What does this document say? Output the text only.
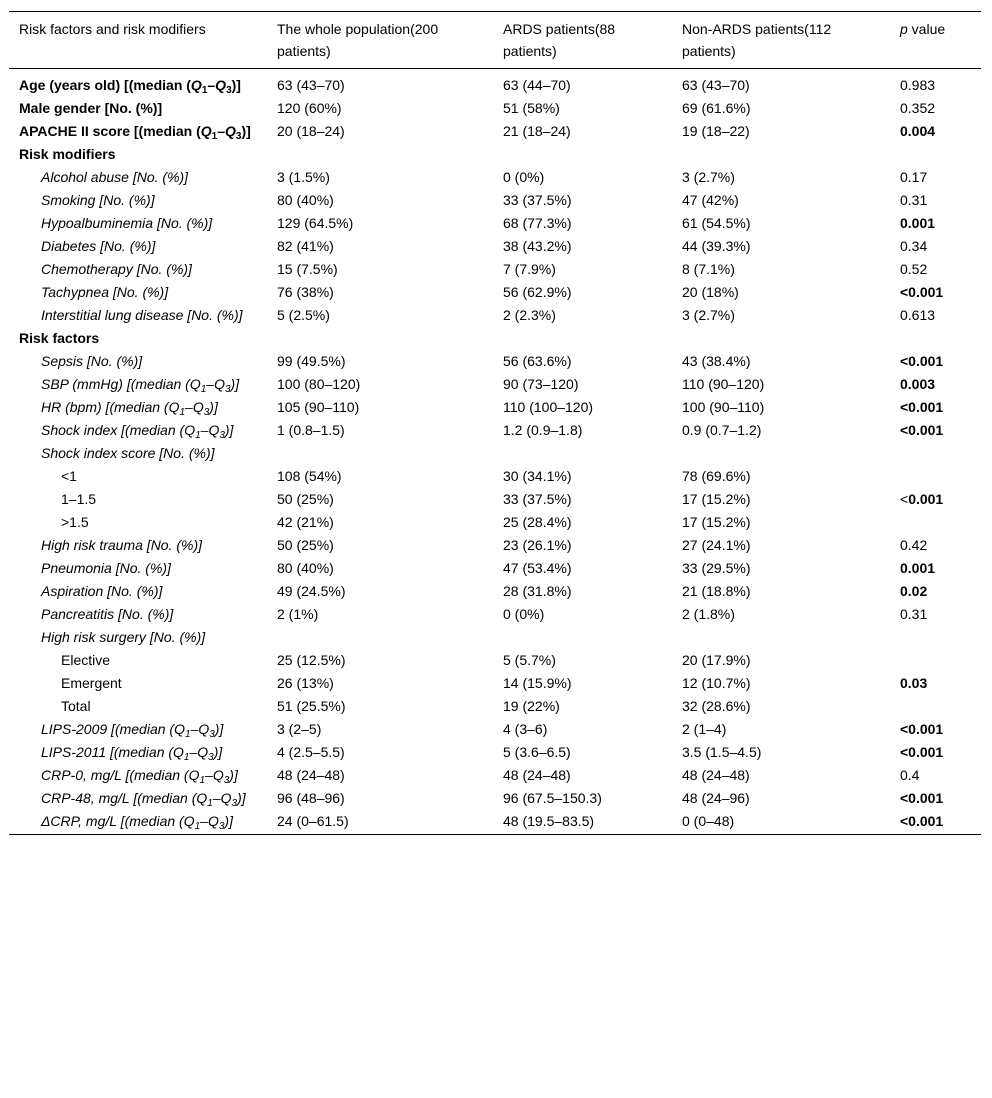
Risk factors and risk modifiers	The whole population(200 patients)	ARDS patients(88 patients)	Non-ARDS patients(112 patients)	p value
Age (years old) [(median $(Q_1-Q_3)$]	63 (43–70)	63 (44–70)	63 (43–70)	0.983
Male gender [No. (%)]	120 (60%)	51 (58%)	69 (61.6%)	0.352
APACHE II score [(median $(Q_1-Q_3)$]	20 (18–24)	21 (18–24)	19 (18–22)	0.004
Risk modifiers				
Alcohol abuse [No. (%)]	3 (1.5%)	0 (0%)	3 (2.7%)	0.17
Smoking [No. (%)]	80 (40%)	33 (37.5%)	47 (42%)	0.31
Hypoalbuminemia [No. (%)]	129 (64.5%)	68 (77.3%)	61 (54.5%)	0.001
Diabetes [No. (%)]	82 (41%)	38 (43.2%)	44 (39.3%)	0.34
Chemotherapy [No. (%)]	15 (7.5%)	7 (7.9%)	8 (7.1%)	0.52
Tachypnea [No. (%)]	76 (38%)	56 (62.9%)	20 (18%)	<0.001
Interstitial lung disease [No. (%)]	5 (2.5%)	2 (2.3%)	3 (2.7%)	0.613
Risk factors				
Sepsis [No. (%)]	99 (49.5%)	56 (63.6%)	43 (38.4%)	<0.001
SBP (mmHg) [(median $(Q_1-Q_3)$]	100 (80–120)	90 (73–120)	110 (90–120)	0.003
HR (bpm) [(median $(Q_1-Q_3)$]	105 (90–110)	110 (100–120)	100 (90–110)	<0.001
Shock index [(median $(Q_1-Q_3)$]	1 (0.8–1.5)	1.2 (0.9–1.8)	0.9 (0.7–1.2)	<0.001
Shock index score [No. (%)]				
<1	108 (54%)	30 (34.1%)	78 (69.6%)	
1–1.5	50 (25%)	33 (37.5%)	17 (15.2%)	<0.001
>1.5	42 (21%)	25 (28.4%)	17 (15.2%)	
High risk trauma [No. (%)]	50 (25%)	23 (26.1%)	27 (24.1%)	0.42
Pneumonia [No. (%)]	80 (40%)	47 (53.4%)	33 (29.5%)	0.001
Aspiration [No. (%)]	49 (24.5%)	28 (31.8%)	21 (18.8%)	0.02
Pancreatitis [No. (%)]	2 (1%)	0 (0%)	2 (1.8%)	0.31
High risk surgery [No. (%)]				
Elective	25 (12.5%)	5 (5.7%)	20 (17.9%)	
Emergent	26 (13%)	14 (15.9%)	12 (10.7%)	0.03
Total	51 (25.5%)	19 (22%)	32 (28.6%)	
LIPS-2009 [(median $(Q_1-Q_3)$]	3 (2–5)	4 (3–6)	2 (1–4)	<0.001
LIPS-2011 [(median $(Q_1-Q_3)$]	4 (2.5–5.5)	5 (3.6–6.5)	3.5 (1.5–4.5)	<0.001
CRP-0, mg/L [(median $(Q_1-Q_3)$]	48 (24–48)	48 (24–48)	48 (24–48)	0.4
CRP-48, mg/L [(median $(Q_1-Q_3)$]	96 (48–96)	96 (67.5–150.3)	48 (24–96)	<0.001
ΔCRP, mg/L [(median $(Q_1-Q_3)$]	24 (0–61.5)	48 (19.5–83.5)	0 (0–48)	<0.001
